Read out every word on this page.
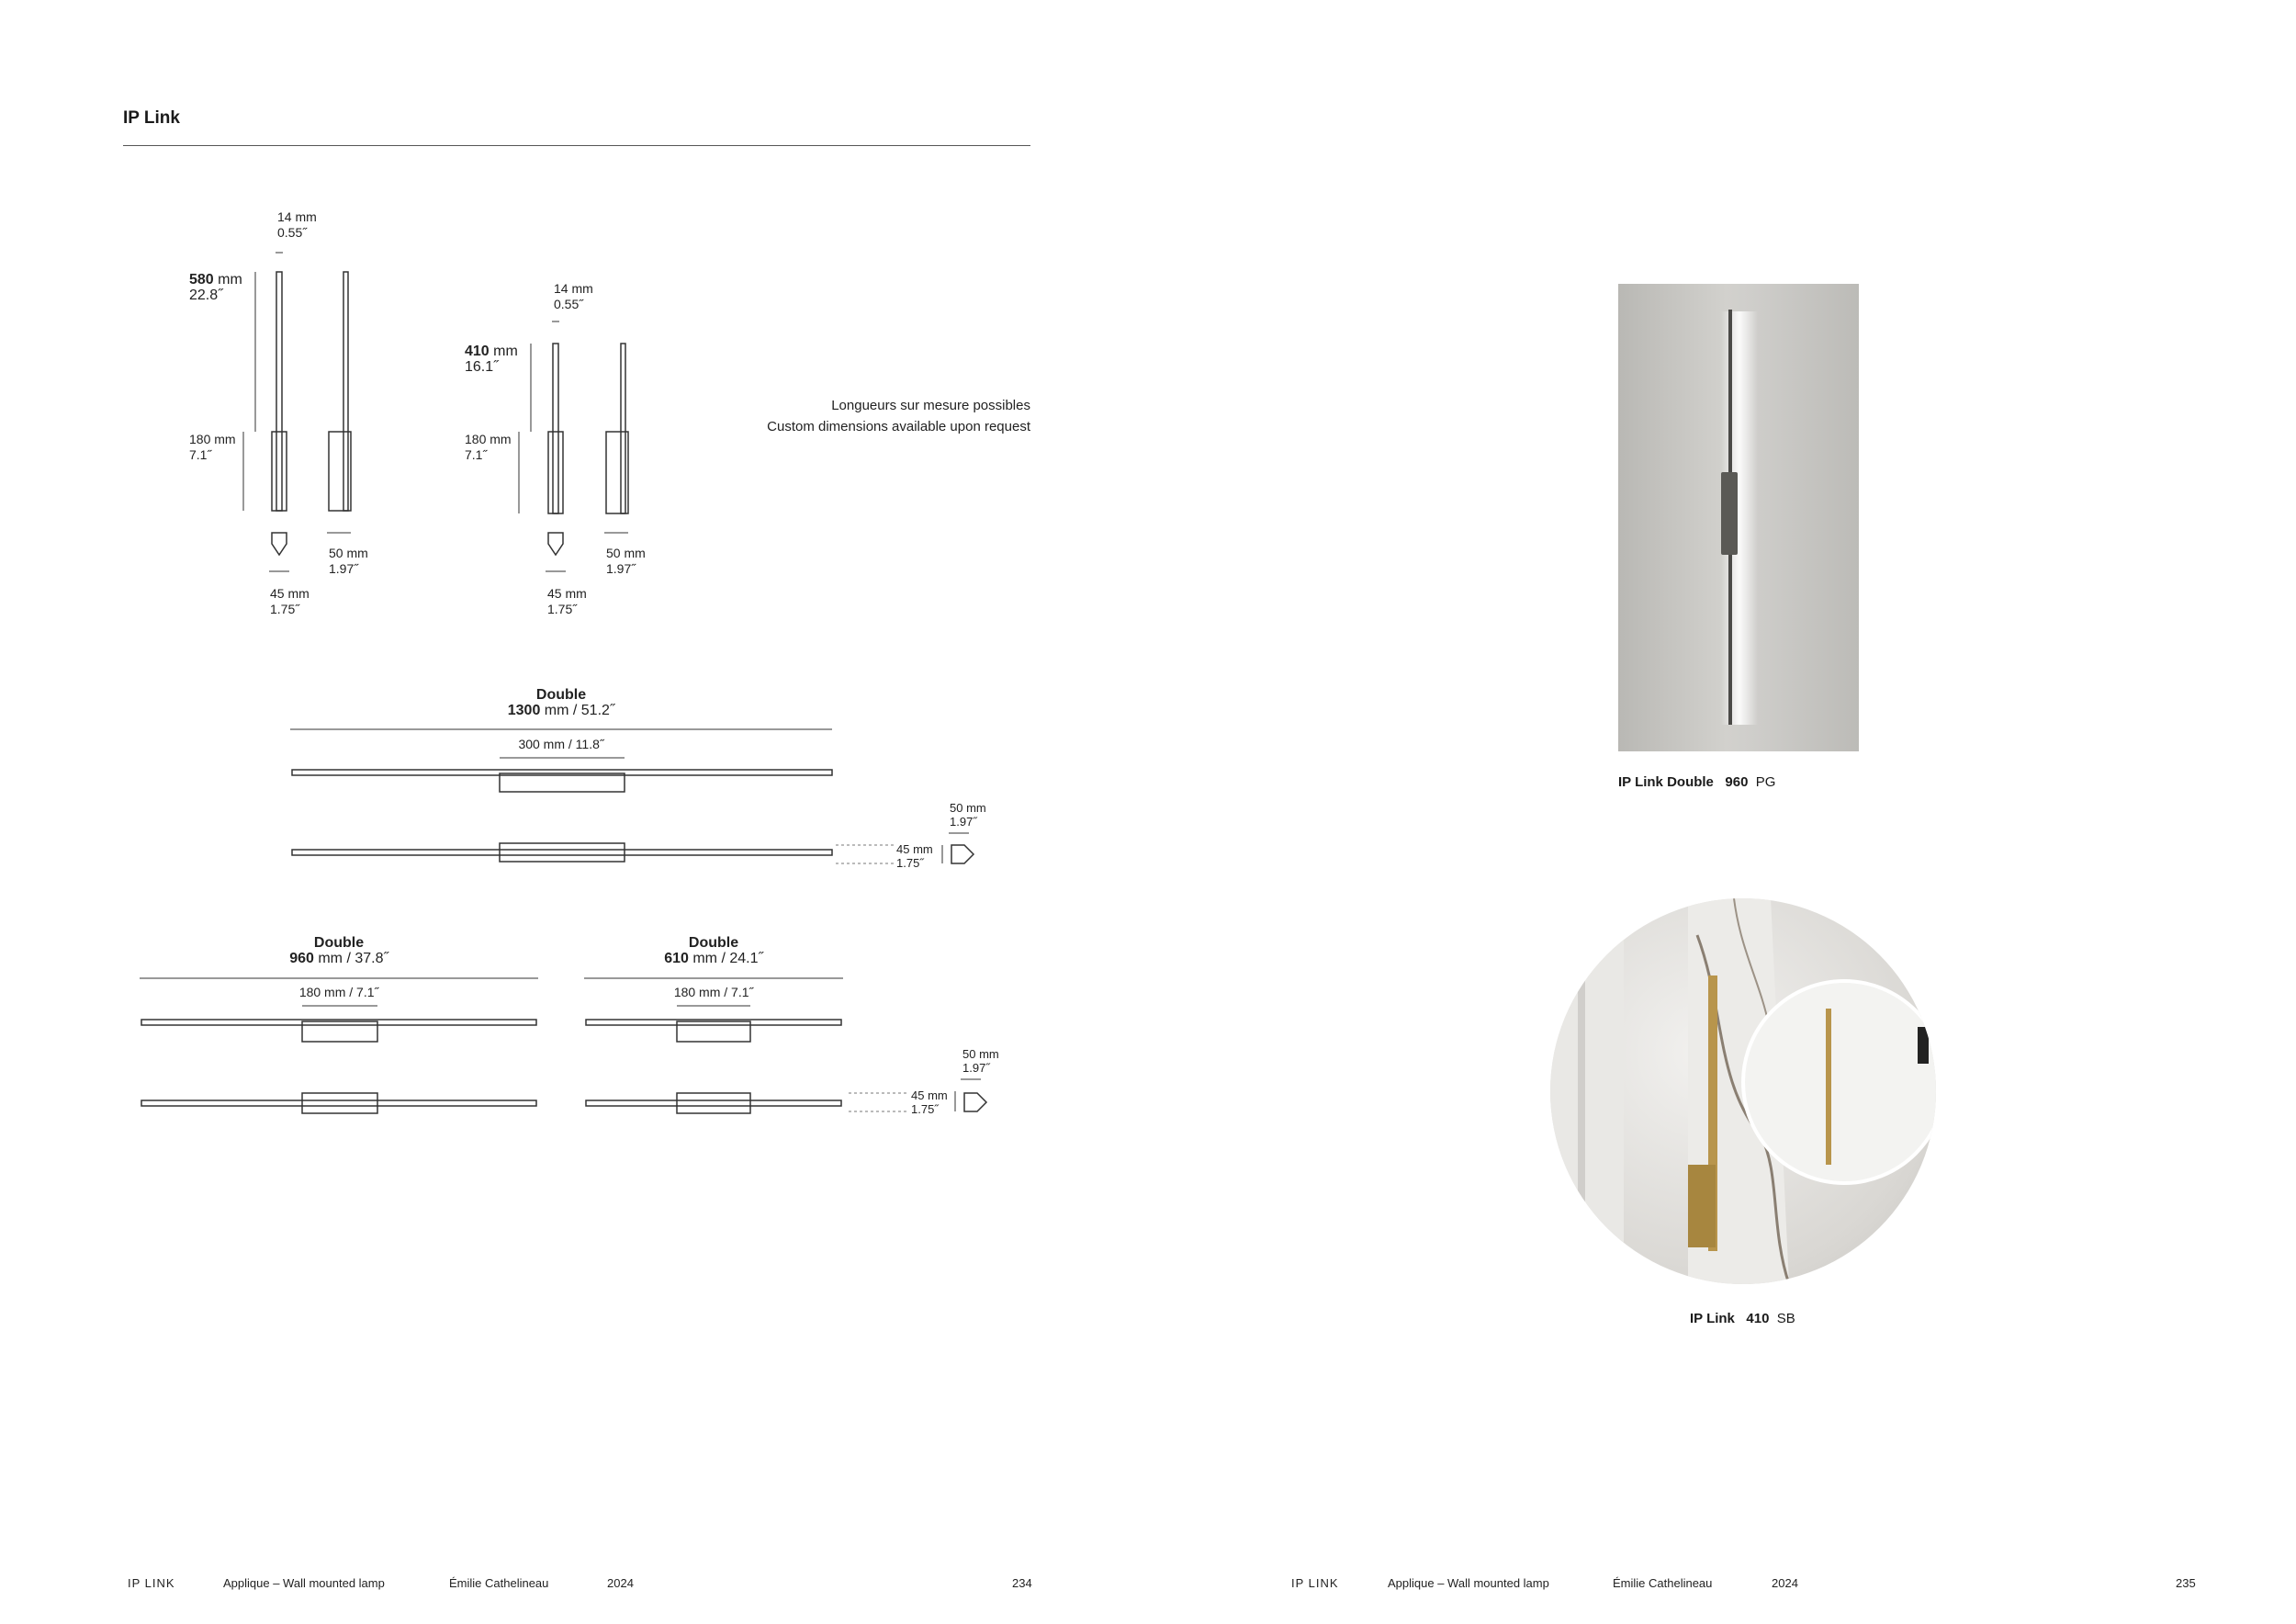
IP Link
14 mm
0.55˝
580 mm
22.8˝
180 mm
7.1˝
50 mm
1.97˝
45 mm
1.75˝
14 mm
0.55˝
410 mm
16.1˝
180 mm
7.1˝
50 mm
1.97˝
45 mm
1.75˝
Longueurs sur mesure possibles
Custom dimensions available upon request
Double
1300 mm / 51.2˝
300 mm / 11.8˝
50 mm
1.97˝
45 mm
1.75˝
Double
960 mm / 37.8˝
180 mm / 7.1˝
Double
610 mm / 24.1˝
180 mm / 7.1˝
50 mm
1.97˝
45 mm
1.75˝
IP Link Double 960 PG
IP Link 410 SB
IP LINK	Applique – Wall mounted lamp	Émilie Cathelineau	2024	234	IP LINK	Applique – Wall mounted lamp	Émilie Cathelineau	2024	235
